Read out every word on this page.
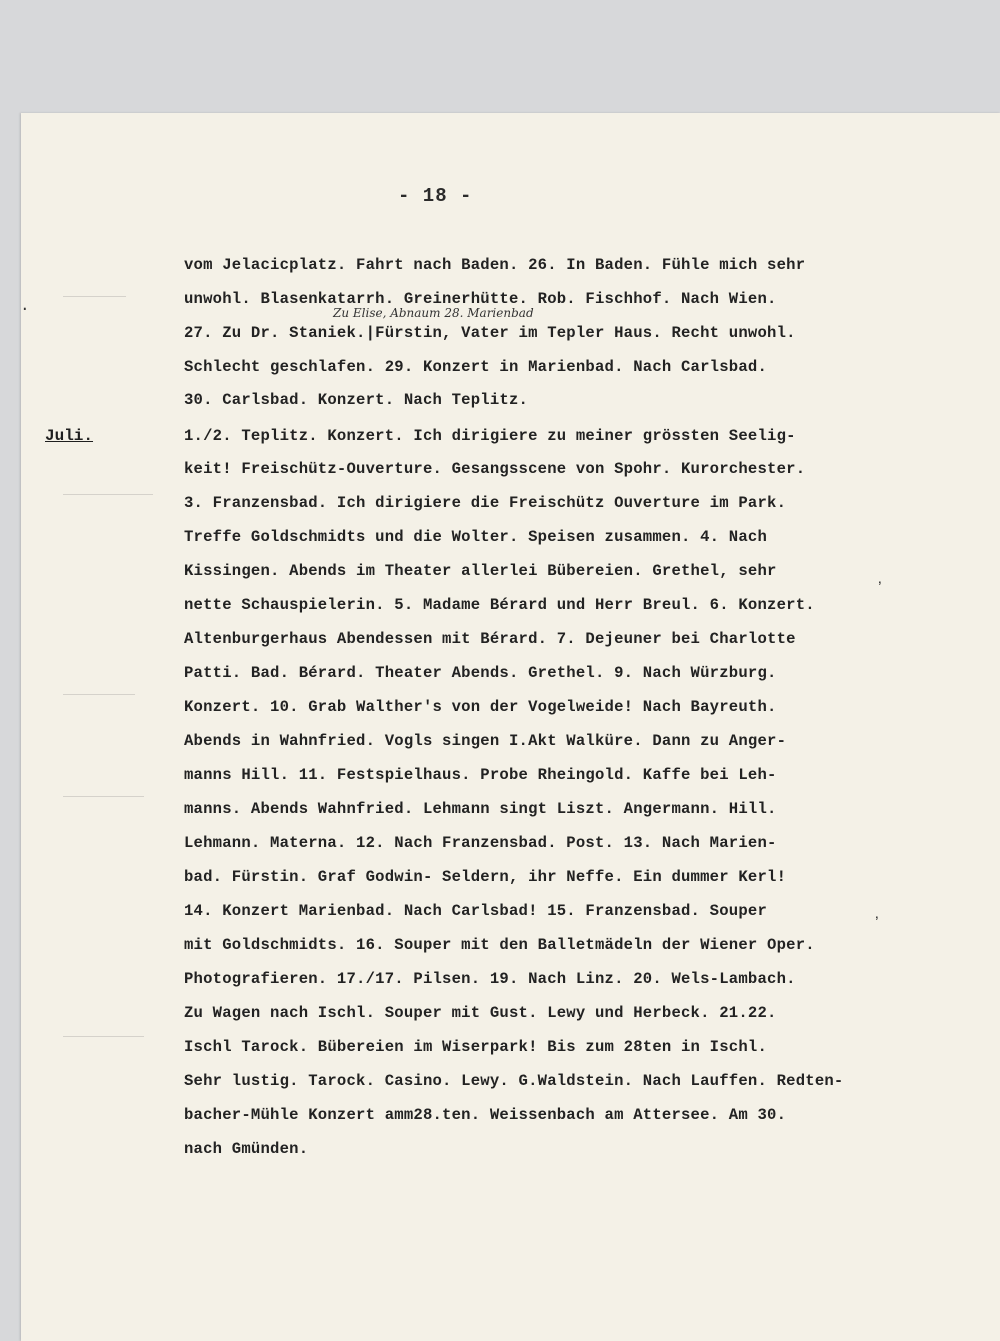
- 18 -
Juli.
Zu Elise, Abnaum 28. Marienbad
vom Jelacicplatz. Fahrt nach Baden. 26. In Baden. Fühle mich sehr
unwohl. Blasenkatarrh. Greinerhütte. Rob. Fischhof. Nach Wien.
27. Zu Dr. Staniek.|Fürstin, Vater im Tepler Haus. Recht unwohl.
Schlecht geschlafen. 29. Konzert in Marienbad. Nach Carlsbad.
30. Carlsbad. Konzert. Nach Teplitz.
1./2. Teplitz. Konzert. Ich dirigiere zu meiner grössten Seelig-
keit! Freischütz-Ouverture. Gesangsscene von Spohr. Kurorchester.
3. Franzensbad. Ich dirigiere die Freischütz Ouverture im Park.
Treffe Goldschmidts und die Wolter. Speisen zusammen. 4. Nach
Kissingen. Abends im Theater allerlei Bübereien. Grethel, sehr
nette Schauspielerin. 5. Madame Bérard und Herr Breul. 6. Konzert.
Altenburgerhaus Abendessen mit Bérard. 7. Dejeuner bei Charlotte
Patti. Bad. Bérard. Theater Abends. Grethel. 9. Nach Würzburg.
Konzert. 10. Grab Walther's von der Vogelweide! Nach Bayreuth.
Abends in Wahnfried. Vogls singen I.Akt Walküre. Dann zu Anger-
manns Hill. 11. Festspielhaus. Probe Rheingold. Kaffe bei Leh-
manns. Abends Wahnfried. Lehmann singt Liszt. Angermann. Hill.
Lehmann. Materna. 12. Nach Franzensbad. Post. 13. Nach Marien-
bad. Fürstin. Graf Godwin- Seldern, ihr Neffe. Ein dummer Kerl!
14. Konzert Marienbad. Nach Carlsbad! 15. Franzensbad. Souper
mit Goldschmidts. 16. Souper mit den Balletmädeln der Wiener Oper.
Photografieren. 17./17. Pilsen. 19. Nach Linz. 20. Wels-Lambach.
Zu Wagen nach Ischl. Souper mit Gust. Lewy und Herbeck. 21.22.
Ischl Tarock. Bübereien im Wiserpark! Bis zum 28ten in Ischl.
Sehr lustig. Tarock. Casino. Lewy. G.Waldstein. Nach Lauffen. Redten-
bacher-Mühle Konzert amm28.ten. Weissenbach am Attersee. Am 30.
nach Gmünden.
·
ʼ
ʼ
